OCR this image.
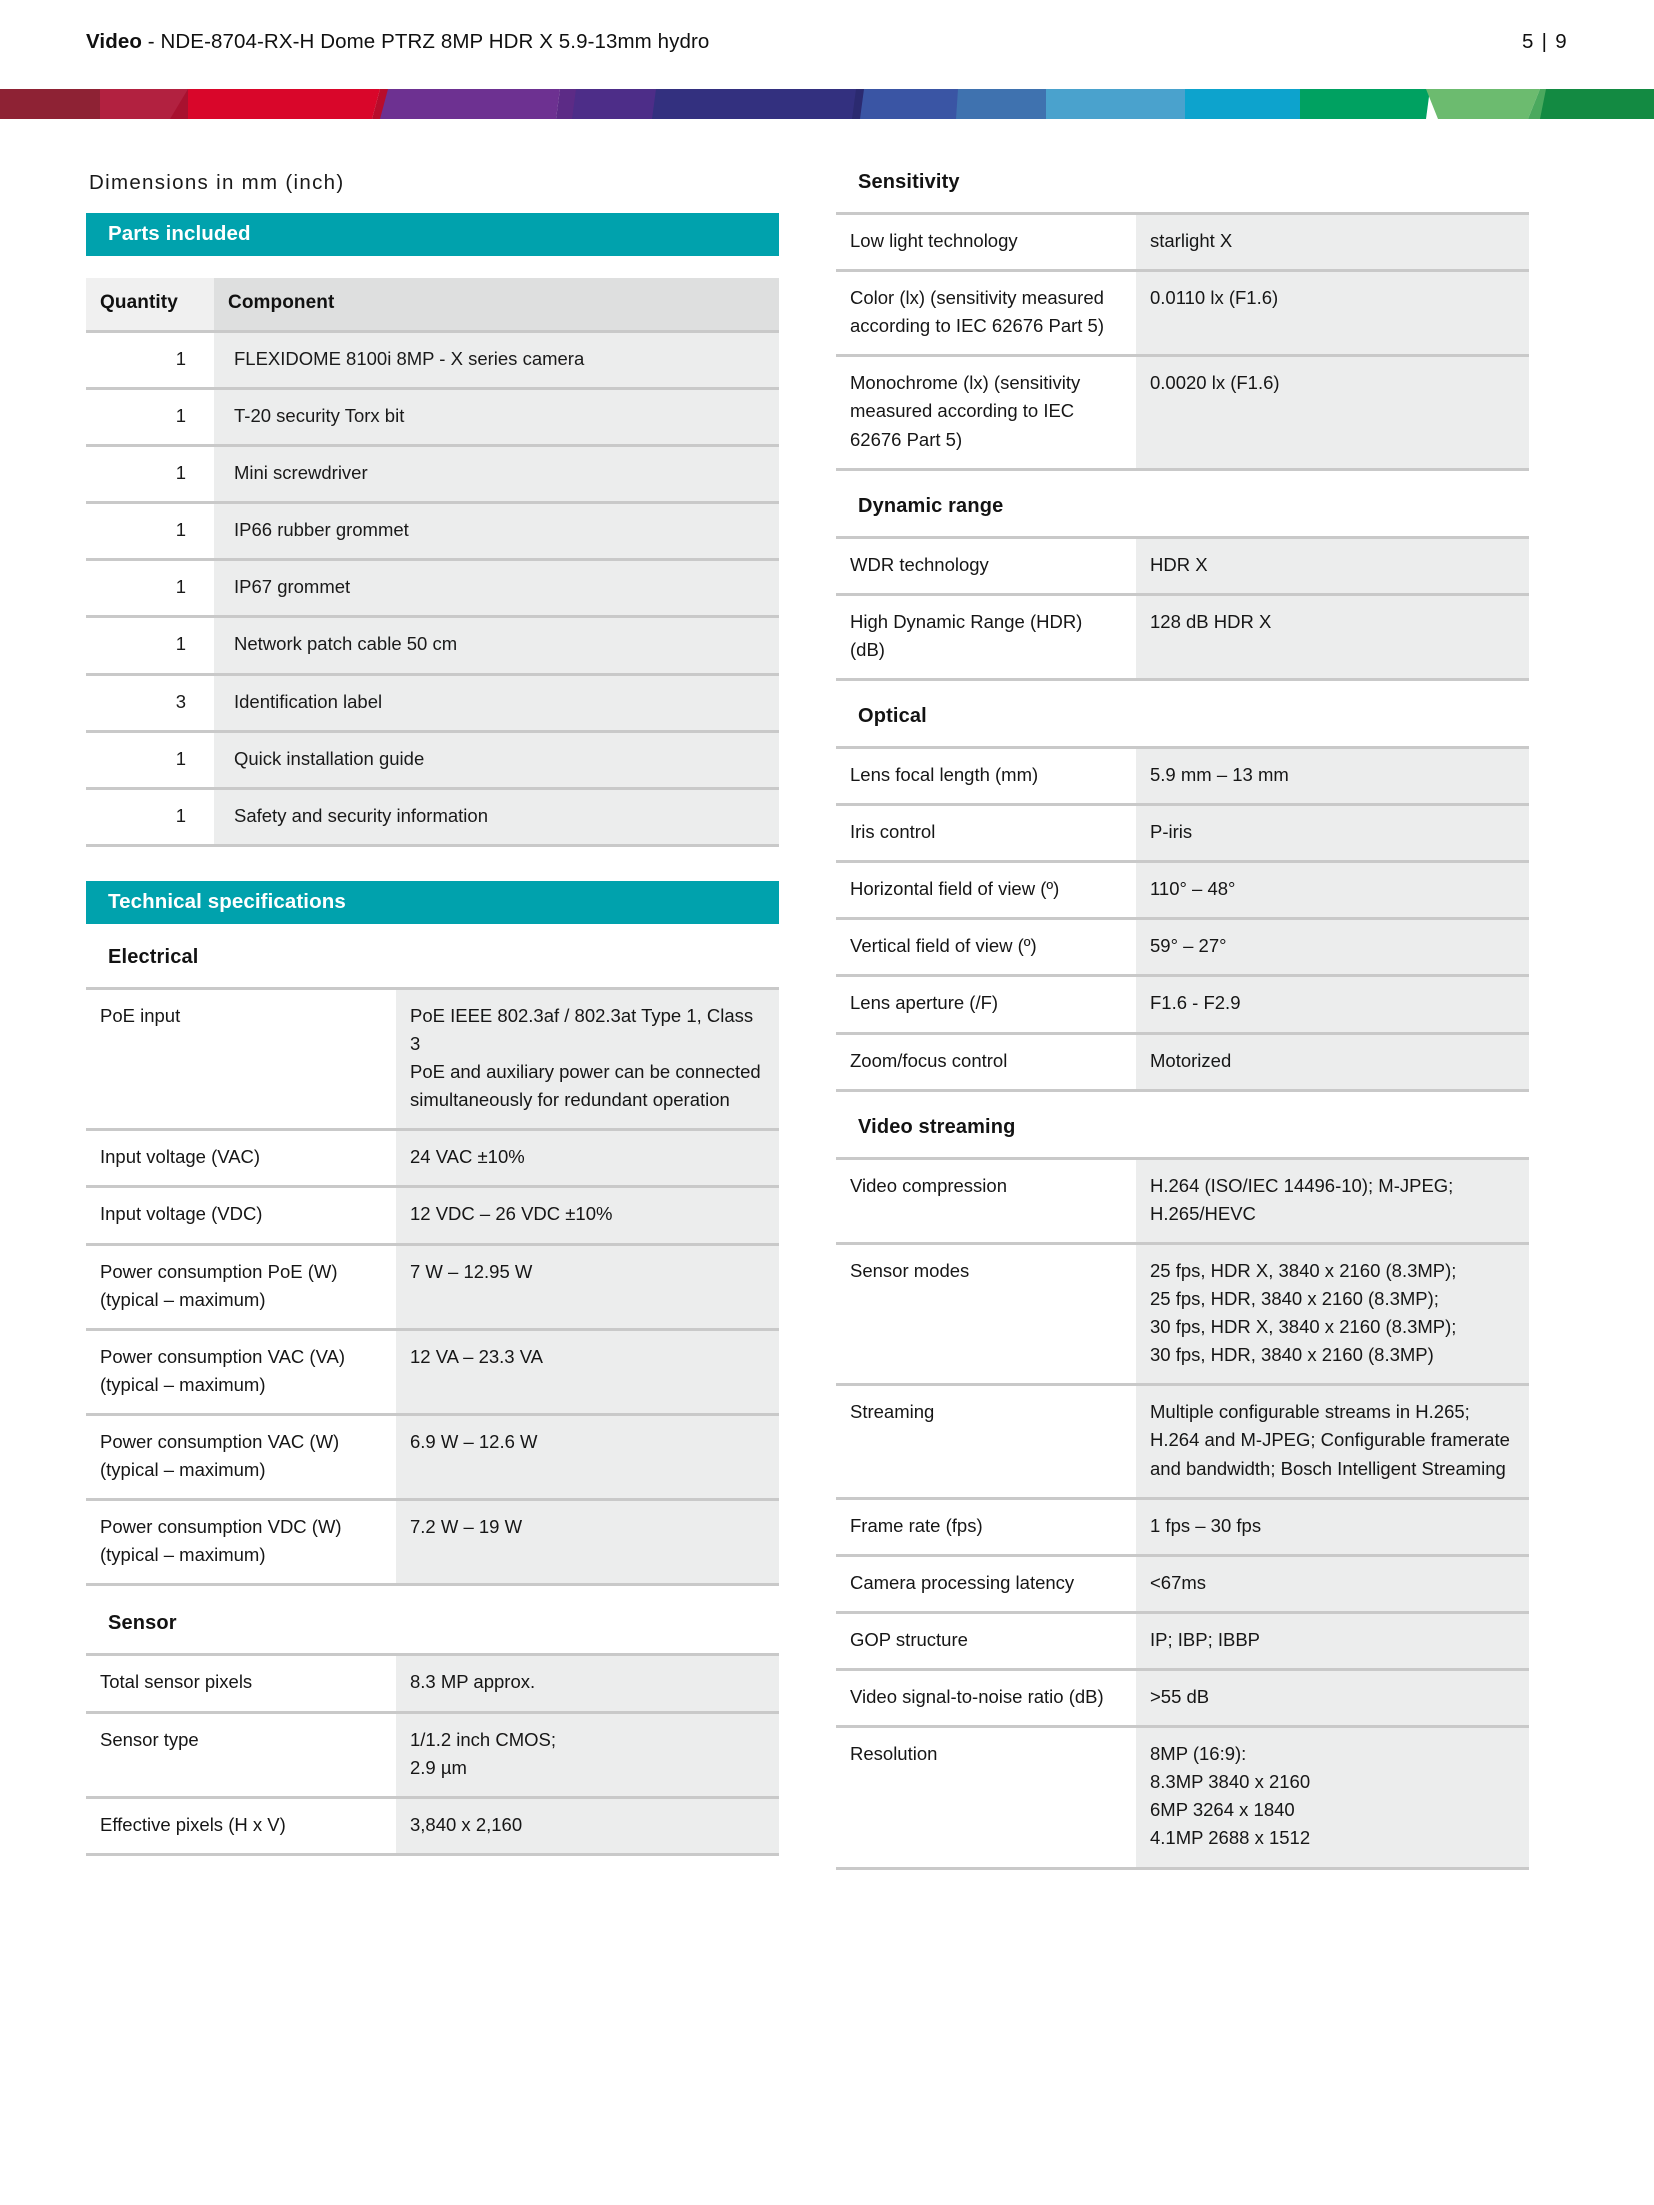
Video - NDE-8704-RX-H Dome PTRZ 8MP HDR X 5.9-13mm hydro	5 | 9
Dimensions in mm (inch)
Parts included
Quantity	Component
1	FLEXIDOME 8100i 8MP - X series camera
1	T-20 security Torx bit
1	Mini screwdriver
1	IP66 rubber grommet
1	IP67 grommet
1	Network patch cable 50 cm
3	Identification label
1	Quick installation guide
1	Safety and security information
Technical specifications
Electrical
PoE input	PoE IEEE 802.3af / 802.3at Type 1, Class 3
PoE and auxiliary power can be connected simultaneously for redundant operation

Input voltage (VAC)	24 VAC ±10%

Input voltage (VDC)	12 VDC – 26 VDC ±10%

Power consumption PoE (W) (typical – maximum)	7 W – 12.95 W

Power consumption VAC (VA) (typical – maximum)	12 VA – 23.3 VA

Power consumption VAC (W) (typical – maximum)	6.9 W – 12.6 W

Power consumption VDC (W) (typical – maximum)	7.2 W – 19 W
Sensor
Total sensor pixels	8.3 MP approx.

Sensor type	1/1.2 inch CMOS;
2.9 µm

Effective pixels (H x V)	3,840 x 2,160
Sensitivity
Low light technology	starlight X

Color (lx) (sensitivity measured according to IEC 62676 Part 5)	0.0110 lx (F1.6)

Monochrome (lx) (sensitivity measured according to IEC 62676 Part 5)	0.0020 lx (F1.6)
Dynamic range
WDR technology	HDR X

High Dynamic Range (HDR) (dB)	128 dB HDR X
Optical
Lens focal length (mm)	5.9 mm – 13 mm

Iris control	P-iris

Horizontal field of view (º)	110° – 48°

Vertical field of view (º)	59° – 27°

Lens aperture (/F)	F1.6 - F2.9

Zoom/focus control	Motorized
Video streaming
Video compression	H.264 (ISO/IEC 14496-10); M-JPEG; H.265/HEVC

Sensor modes	25 fps, HDR X, 3840 x 2160 (8.3MP);
25 fps, HDR, 3840 x 2160 (8.3MP);
30 fps, HDR X, 3840 x 2160 (8.3MP);
30 fps, HDR, 3840 x 2160 (8.3MP)

Streaming	Multiple configurable streams in H.265; H.264 and M-JPEG; Configurable framerate and bandwidth; Bosch Intelligent Streaming

Frame rate (fps)	1 fps – 30 fps

Camera processing latency	<67ms

GOP structure	IP; IBP; IBBP

Video signal-to-noise ratio (dB)	>55 dB

Resolution	8MP (16:9):
8.3MP 3840 x 2160
6MP 3264 x 1840
4.1MP 2688 x 1512
